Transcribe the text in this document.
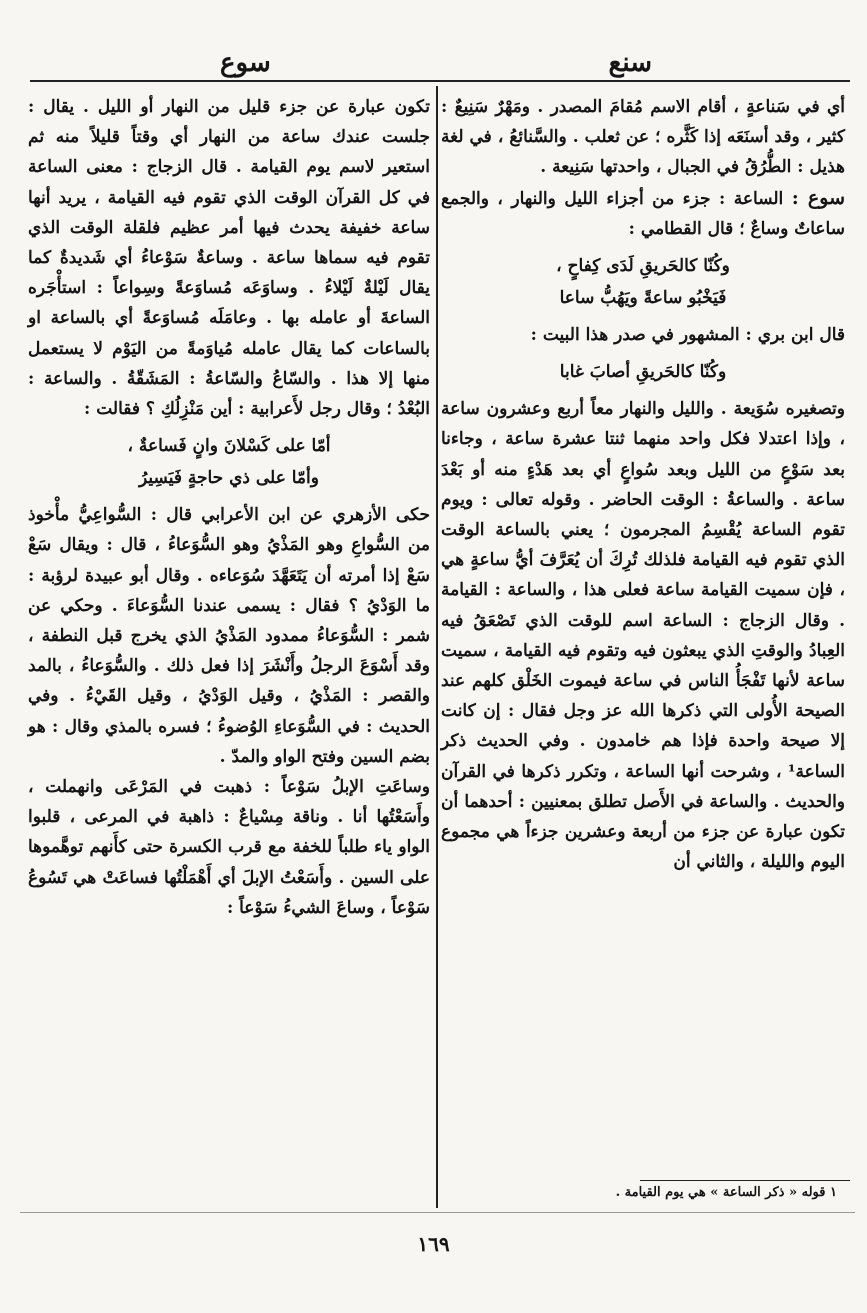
سنع
سوع

أي في سَناعةٍ ، أقام الاسم مُقامَ المصدر . ومَهْرٌ سَنِيعٌ : كثير ، وقد أسنَعَه إذا كَثَّره ؛ عن ثعلب . والسَّنائعُ ، في لغة هذيل : الطُّرُقُ في الجبال ، واحدتها سَنِيعة .

سوع : الساعة : جزء من أجزاء الليل والنهار ، والجمع ساعاتٌ وساعٌ ؛ قال القطامي :

وكُنّا كالحَريقِ لَدَى كِفاحٍ ،
فَيَخْبُو ساعةً ويَهُبُّ ساعا

قال ابن بري : المشهور في صدر هذا البيت :

وكُنّا كالحَريقِ أصابَ غابا

وتصغيره سُوَيعة . والليل والنهار معاً أربع وعشرون ساعة ، وإذا اعتدلا فكل واحد منهما ثنتا عشرة ساعة ، وجاءنا بعد سَوْعٍ من الليل وبعد سُواعٍ أي بعد هَدْءٍ منه أو بَعْدَ ساعة . والساعةُ : الوقت الحاضر . وقوله تعالى : ويوم تقوم الساعة يُقْسِمُ المجرمون ؛ يعني بالساعة الوقت الذي تقوم فيه القيامة فلذلك تُرِكَ أن يُعَرَّفَ أيُّ ساعةٍ هي ، فإن سميت القيامة ساعة فعلى هذا ، والساعة : القيامة . وقال الزجاج : الساعة اسم للوقت الذي تَصْعَقُ فيه العِبادُ والوقتِ الذي يبعثون فيه وتقوم فيه القيامة ، سميت ساعة لأنها تَفْجَأُ الناس في ساعة فيموت الخَلْق كلهم عند الصيحة الأُولى التي ذكرها الله عز وجل فقال : إن كانت إلا صيحة واحدة فإذا هم خامدون . وفي الحديث ذكر الساعة¹ ، وشرحت أنها الساعة ، وتكرر ذكرها في القرآن والحديث . والساعة في الأَصل تطلق بمعنيين : أحدهما أن تكون عبارة عن جزء من أربعة وعشرين جزءاً هي مجموع اليوم والليلة ، والثاني أن

تكون عبارة عن جزء قليل من النهار أو الليل . يقال : جلست عندك ساعة من النهار أي وقتاً قليلاً منه ثم استعير لاسم يوم القيامة . قال الزجاج : معنى الساعة في كل القرآن الوقت الذي تقوم فيه القيامة ، يريد أنها ساعة خفيفة يحدث فيها أمر عظيم فلقلة الوقت الذي تقوم فيه سماها ساعة . وساعةٌ سَوْعاءُ أي شَديدةٌ كما يقال لَيْلةٌ لَيْلاءُ . وساوَعَه مُساوَعةً وسِواعاً : استأْجَره الساعةَ أو عامله بها . وعامَلَه مُساوَعةً أي بالساعة او بالساعات كما يقال عامله مُياوَمةً من اليَوْم لا يستعمل منها إلا هذا . والسّاعُ والسّاعةُ : المَشَقّةُ . والساعة : البُعْدُ ؛ وقال رجل لأَعرابية : أين مَنْزِلُكِ ؟ فقالت :

أمّا على كَسْلانَ وانٍ فَساعةٌ ،
وأمّا على ذي حاجةٍ فَيَسِيرُ

حكى الأزهري عن ابن الأعرابي قال : السُّواعِيُّ مأْخوذ من السُّواعِ وهو المَذْيُ وهو السُّوَعاءُ ، قال : ويقال سَعْ سَعْ إذا أمرته أن يَتَعَهَّدَ سُوَعاءه . وقال أبو عبيدة لرؤبة : ما الوَدْيُ ؟ فقال : يسمى عندنا السُّوَعاءَ . وحكي عن شمر : السُّوَعاءُ ممدود المَذْيُ الذي يخرج قبل النطفة ، وقد أَسْوَعَ الرجلُ وأَنْشَرَ إذا فعل ذلك . والسُّوَعاءُ ، بالمد والقصر : المَذْيُ ، وقيل الوَدْيُ ، وقيل القَيْءُ . وفي الحديث : في السُّوَعاءِ الوُضوءُ ؛ فسره بالمذي وقال : هو بضم السين وفتح الواو والمدّ .

وساعَتِ الإبلُ سَوْعاً : ذهبت في المَرْعَى وانهملت ، وأَسَعْتُها أنا . وناقة مِسْياعٌ : ذاهبة في المرعى ، قلبوا الواو ياء طلباً للخفة مع قرب الكسرة حتى كأَنهم توهَّموها على السين . وأَسَعْتُ الإبلَ أي أَهْمَلْتُها فساعَتْ هي تَسُوعُ سَوْعاً ، وساعَ الشيءُ سَوْعاً :

١ قوله « ذكر الساعة » هي يوم القيامة .
١٦٩
